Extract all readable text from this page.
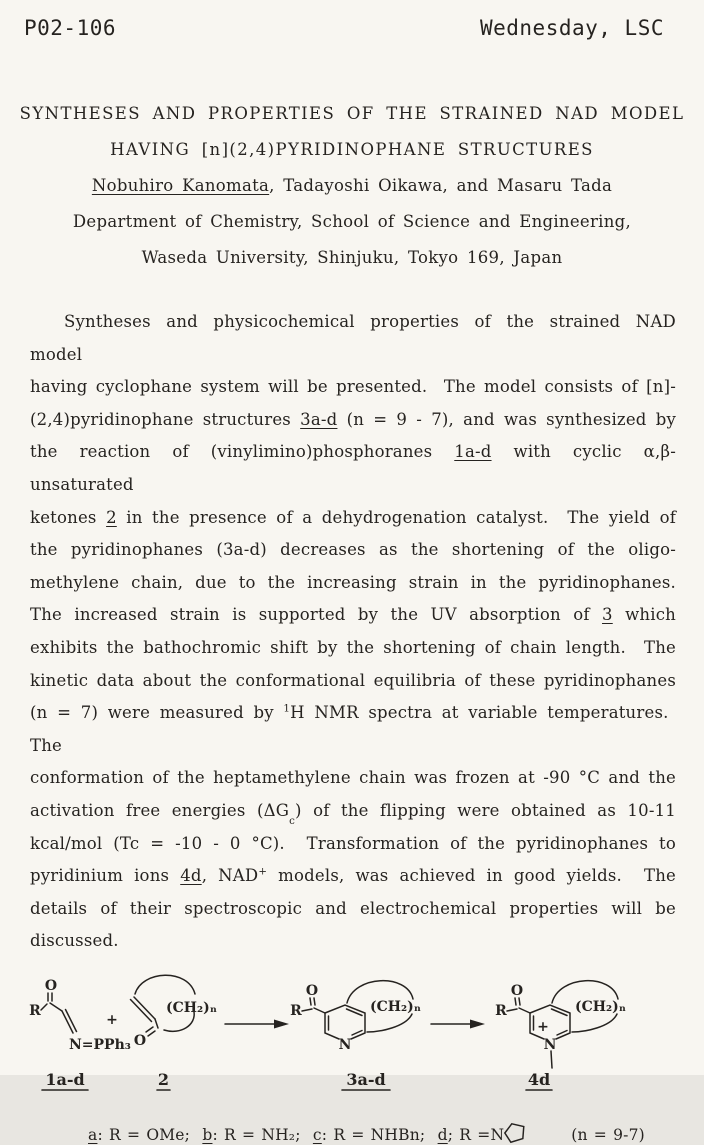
P02-106	Wednesday, LSC
SYNTHESES AND PROPERTIES OF THE STRAINED NAD MODEL
HAVING [n](2,4)PYRIDINOPHANE STRUCTURES
Nobuhiro Kanomata, Tadayoshi Oikawa, and Masaru Tada
Department of Chemistry, School of Science and Engineering,
Waseda University, Shinjuku, Tokyo 169, Japan
Syntheses and physicochemical properties of the strained NAD model
having cyclophane system will be presented.  The model consists of [n]-
(2,4)pyridinophane structures 3a-d (n = 9 - 7), and was synthesized by
the reaction of (vinylimino)phosphoranes 1a-d with cyclic α,β-unsaturated
ketones 2 in the presence of a dehydrogenation catalyst.  The yield of
the pyridinophanes (3a-d) decreases as the shortening of the oligo-
methylene chain, due to the increasing strain in the pyridinophanes.
The increased strain is supported by the UV absorption of 3 which
exhibits the bathochromic shift by the shortening of chain length.  The
kinetic data about the conformational equilibria of these pyridinophanes
(n = 7) were measured by $^1$H NMR spectra at variable temperatures.  The
conformation of the heptamethylene chain was frozen at -90 °C and the
activation free energies $(\Delta G_c)$ of the flipping were obtained as 10-11
kcal/mol (Tc = -10 - 0 °C).  Transformation of the pyridinophanes to
pyridinium ions 4d, NAD+ models, was achieved in good yields.  The
details of their spectroscopic and electrochemical properties will be
discussed.
R
O
N=PPh₃
+
O
(CH₂)ₙ	R
O
N
(CH₂)ₙ	R
O
N
+
(CH₂)ₙ
1a-d	2	3a-d	4d
a: R = OMe;  b: R = NH₂;  c: R = NHBn;  d; R =N	(n = 9-7)
